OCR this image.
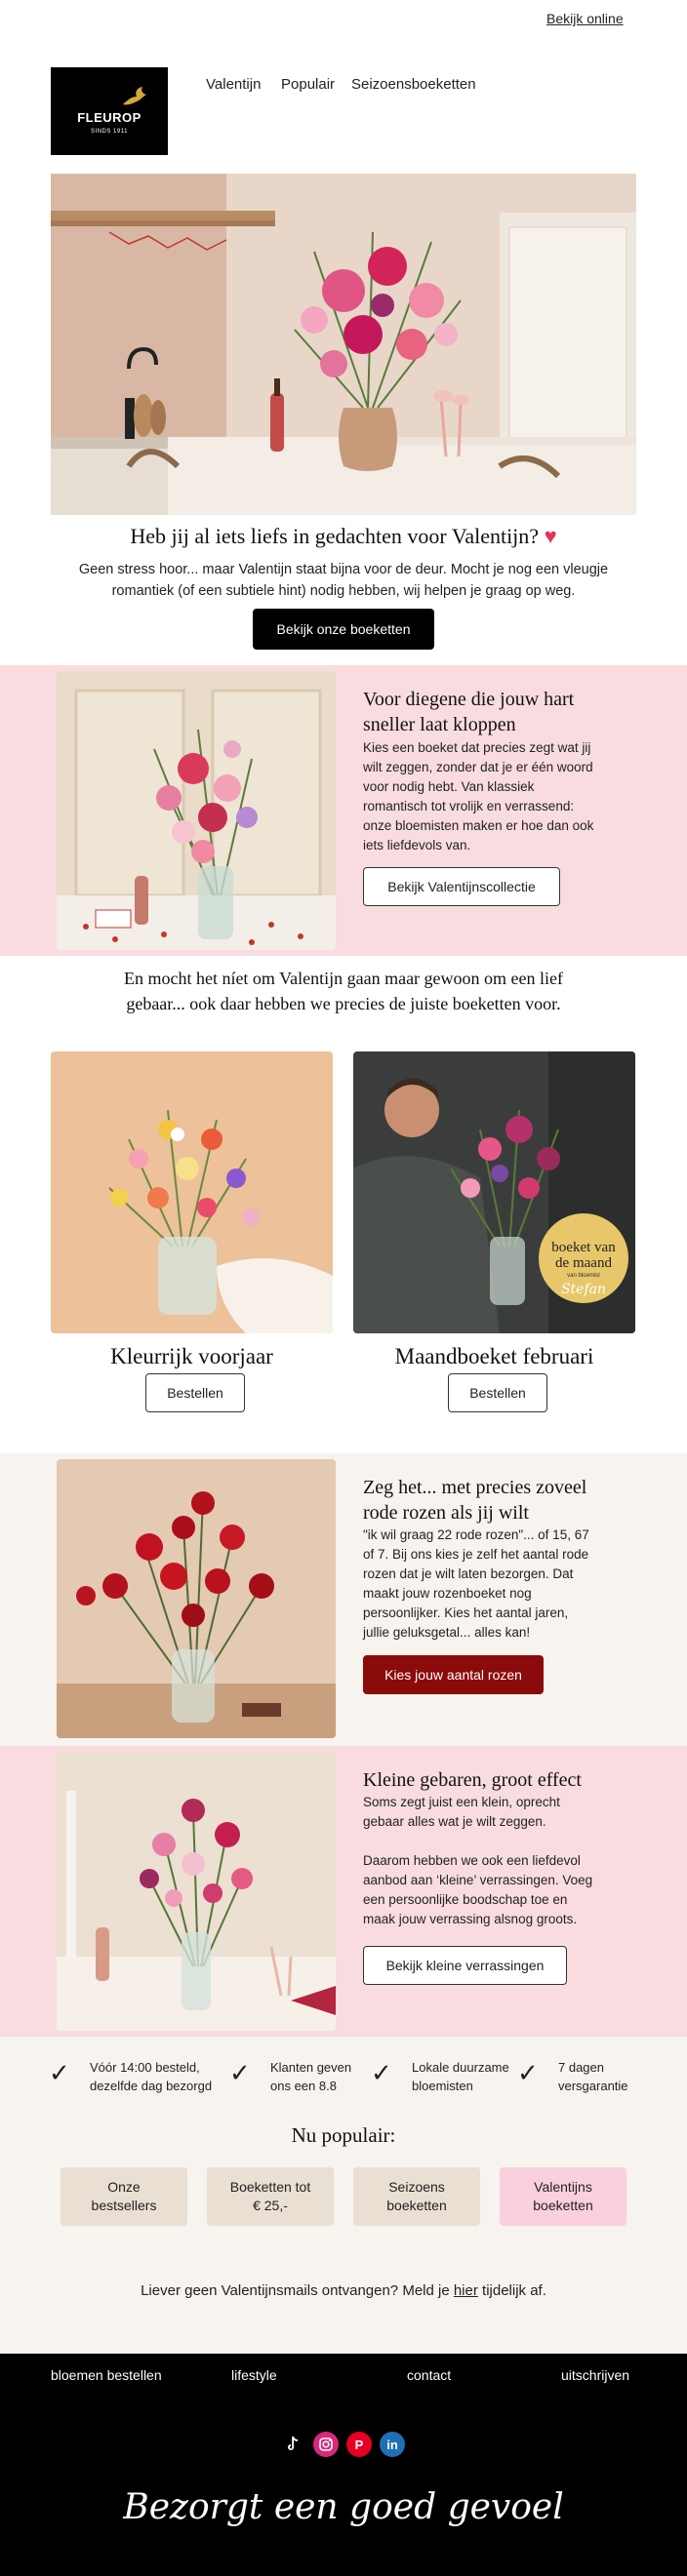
Bekijk online
FLEUROP
SINDS 1911
Valentijn Populair Seizoensboeketten
Heb jij al iets liefs in gedachten voor Valentijn? ♥
Geen stress hoor... maar Valentijn staat bijna voor de deur. Mocht je nog een vleugje
romantiek (of een subtiele hint) nodig hebben, wij helpen je graag op weg.
Bekijk onze boeketten
Voor diegene die jouw hart
sneller laat kloppen
Kies een boeket dat precies zegt wat jij
wilt zeggen, zonder dat je er één woord
voor nodig hebt. Van klassiek
romantisch tot vrolijk en verrassend:
onze bloemisten maken er hoe dan ook
iets liefdevols van.
Bekijk Valentijnscollectie
En mocht het níet om Valentijn gaan maar gewoon om een lief
gebaar... ook daar hebben we precies de juiste boeketten voor.
boeket van
de maand
van bloemist
Stefan
Kleurrijk voorjaar	Maandboeket februari
Bestellen	Bestellen
Zeg het... met precies zoveel
rode rozen als jij wilt
"ik wil graag 22 rode rozen"... of 15, 67
of 7. Bij ons kies je zelf het aantal rode
rozen dat je wilt laten bezorgen. Dat
maakt jouw rozenboeket nog
persoonlijker. Kies het aantal jaren,
jullie geluksgetal... alles kan!
Kies jouw aantal rozen
Kleine gebaren, groot effect
Soms zegt juist een klein, oprecht
gebaar alles wat je wilt zeggen.
Daarom hebben we ook een liefdevol
aanbod aan ‘kleine’ verrassingen. Voeg
een persoonlijke boodschap toe en
maak jouw verrassing alsnog groots.
Bekijk kleine verrassingen
✓ Vóór 14:00 besteld,
dezelfde dag bezorgd ✓ Klanten geven
ons een 8.8	✓ Lokale duurzame
bloemisten	✓ 7 dagen
versgarantie
Nu populair:
Onze
bestsellers
Boeketten tot
€ 25,-
Seizoens
boeketten
Valentijns
boeketten
Liever geen Valentijnsmails ontvangen? Meld je hier tijdelijk af.
bloemen bestellen	lifestyle	contact	uitschrijven
P	in
Bezorgt een goed gevoel
